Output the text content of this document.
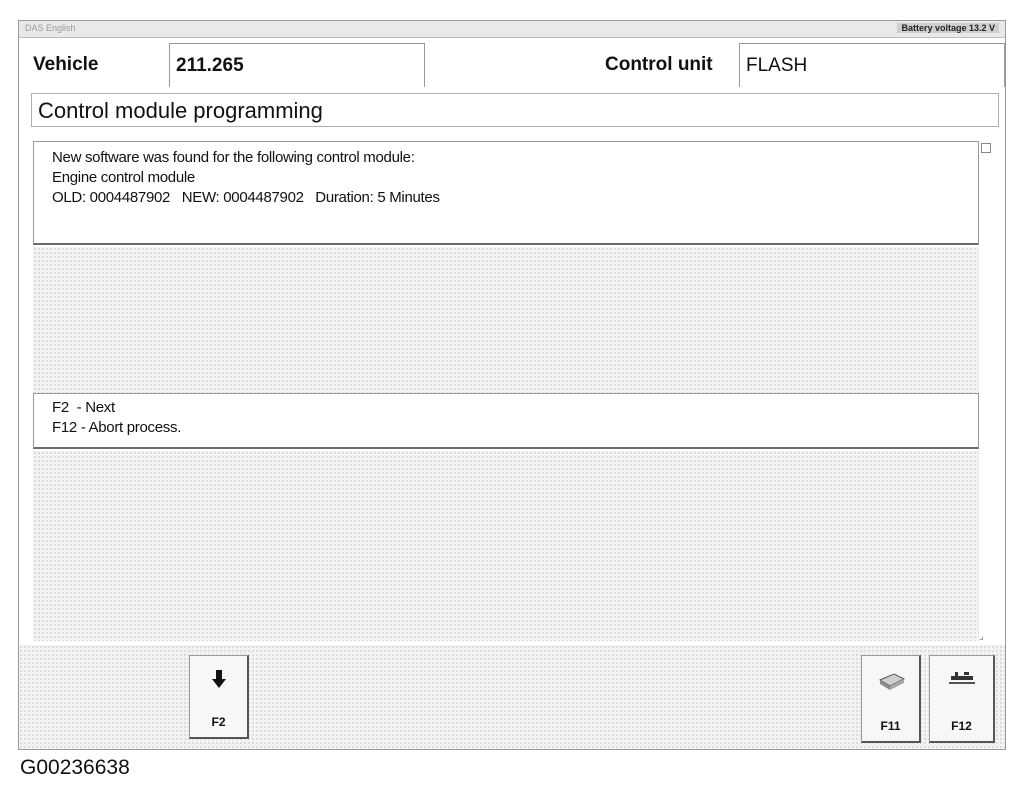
DAS English	Battery voltage 13.2 V
Vehicle	211.265	Control unit FLASH
Control module programming
New software was found for the following control module:
Engine control module
OLD: 0004487902   NEW: 0004487902   Duration: 5 Minutes
F2  - Next
F12 - Abort process.
⌟
F2	F11	F12
G00236638
